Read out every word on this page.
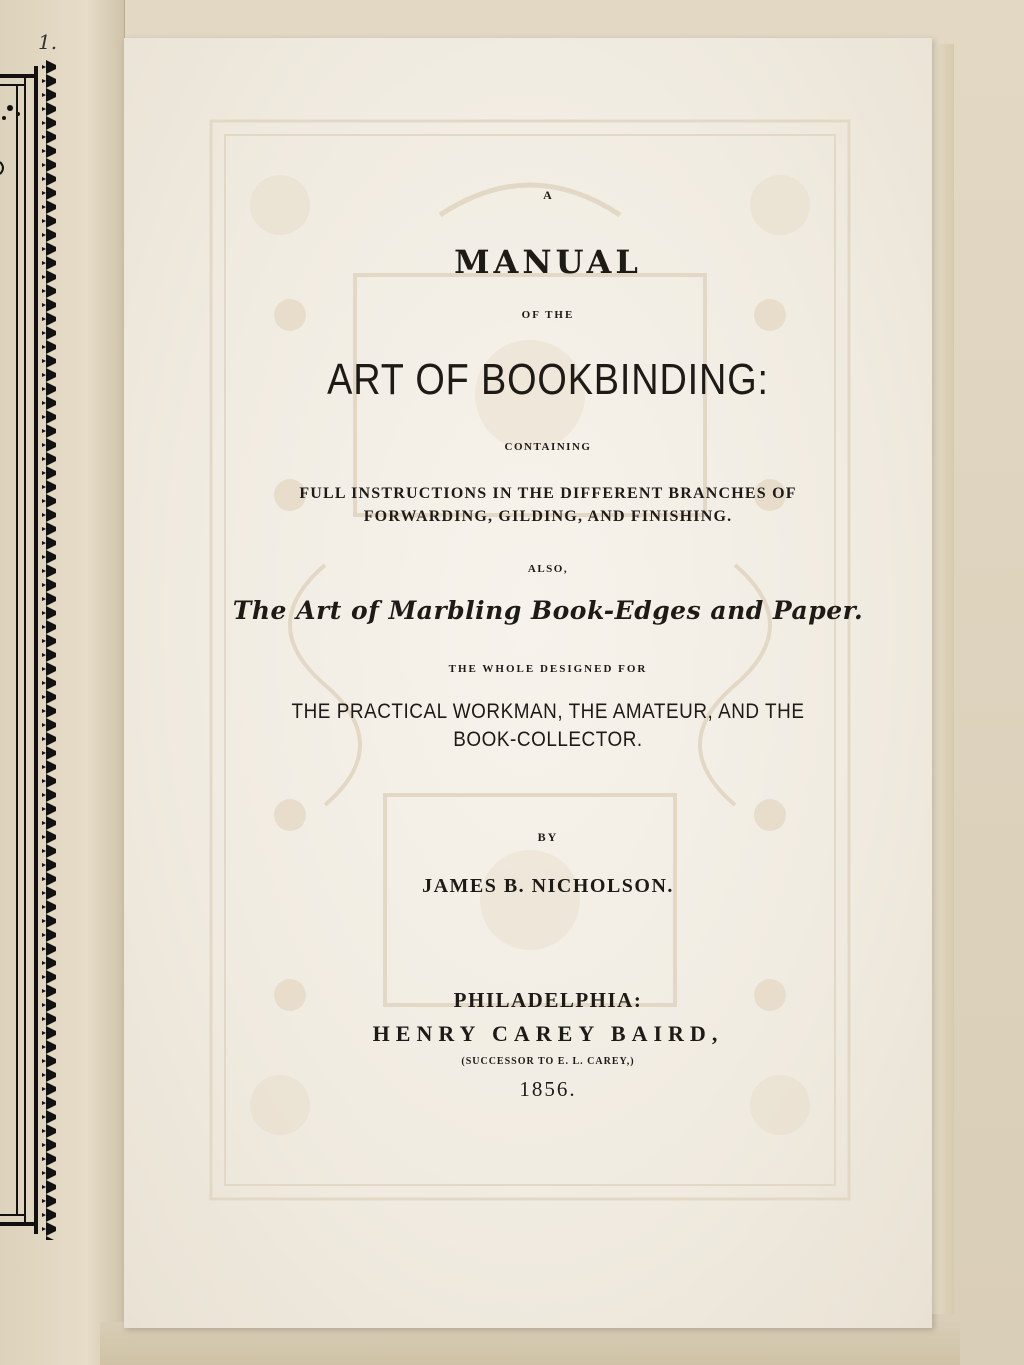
1.
A
MANUAL
OF THE
ART OF BOOKBINDING:
CONTAINING
FULL INSTRUCTIONS IN THE DIFFERENT BRANCHES OF
FORWARDING, GILDING, AND FINISHING.
ALSO,
The Art of Marbling Book-Edges and Paper.
THE WHOLE DESIGNED FOR
THE PRACTICAL WORKMAN, THE AMATEUR, AND THE
BOOK-COLLECTOR.
BY
JAMES B. NICHOLSON.
PHILADELPHIA:
HENRY CAREY BAIRD,
(SUCCESSOR TO E. L. CAREY,)
1856.
